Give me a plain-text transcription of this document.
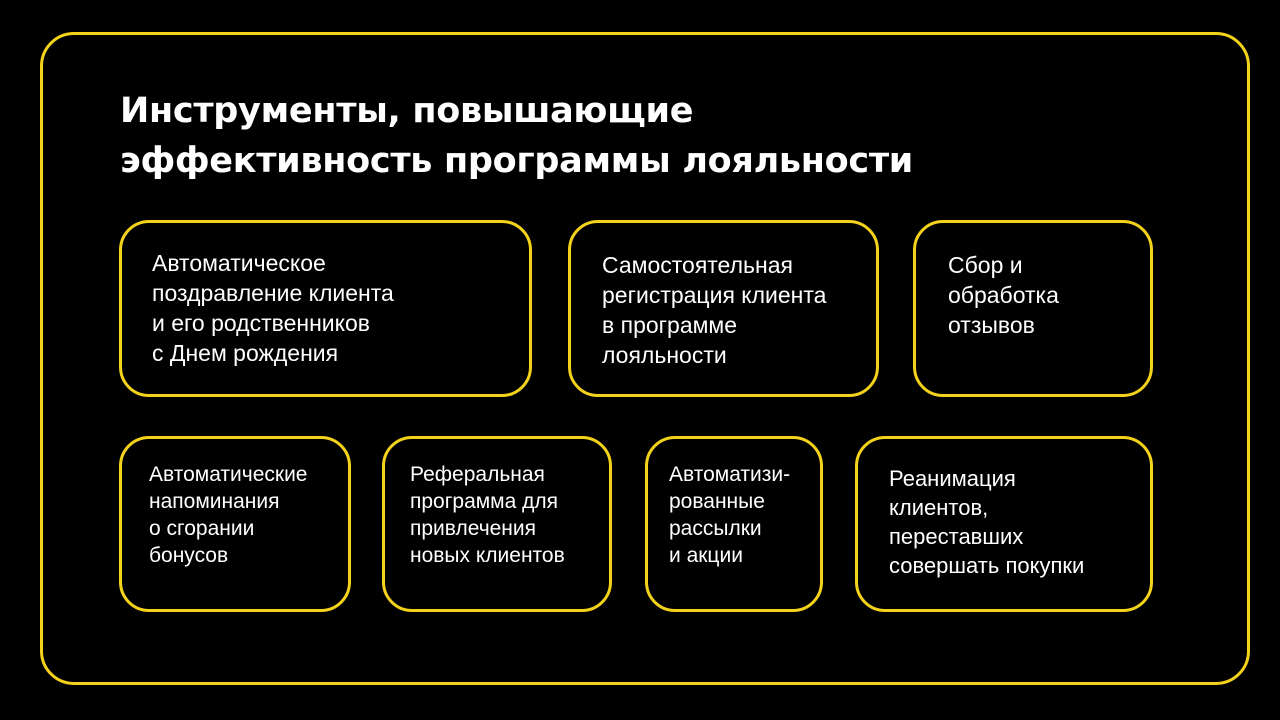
Инструменты, повышающие
эффективность программы лояльности

Автоматическое
поздравление клиента
и его родственников
с Днем рождения

Самостоятельная
регистрация клиента
в программе
лояльности

Сбор и
обработка
отзывов

Автоматические
напоминания
о сгорании
бонусов

Реферальная
программа для
привлечения
новых клиентов

Автоматизи-
рованные
рассылки
и акции

Реанимация
клиентов,
переставших
совершать покупки
